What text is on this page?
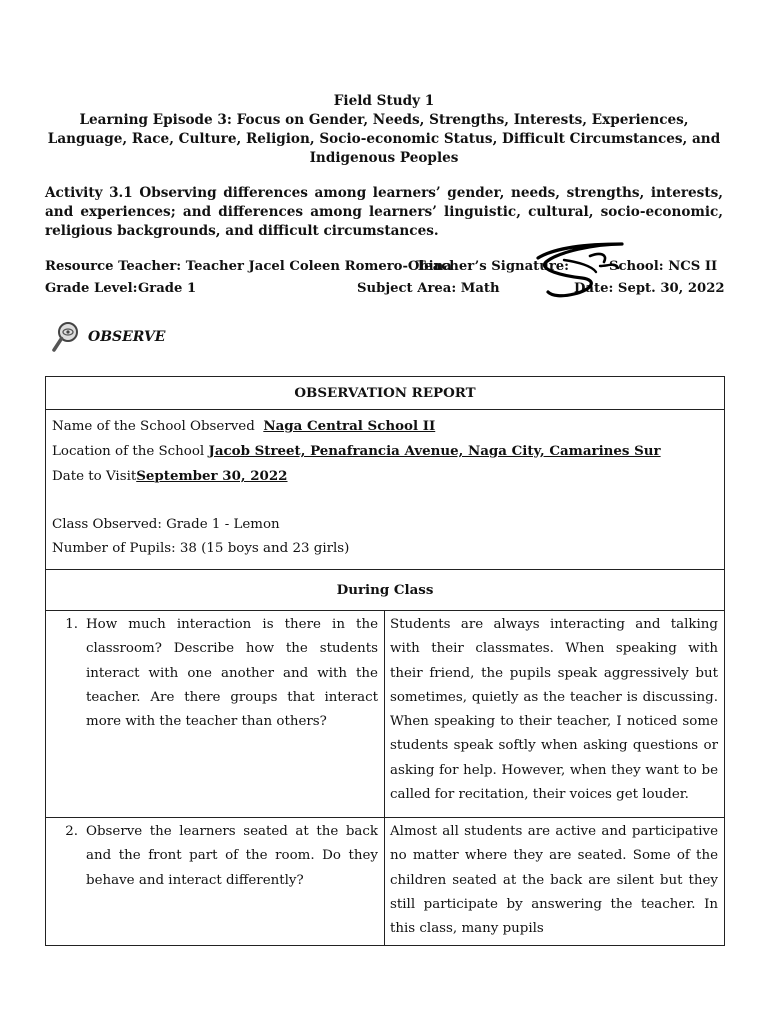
Field Study 1
Learning Episode 3: Focus on Gender, Needs, Strengths, Interests, Experiences, Language, Race, Culture, Religion, Socio-economic Status, Difficult Circumstances, and Indigenous Peoples
Activity 3.1 Observing differences among learners’ gender, needs, strengths, interests, and experiences; and differences among learners’ linguistic, cultural, socio-economic, religious backgrounds, and difficult circumstances.
Resource Teacher: Teacher Jacel Coleen Romero-Obina
Teacher’s Signature:	School: NCS II
Grade Level: Grade 1	Subject Area: Math	Date: Sept. 30, 2022
OBSERVE
OBSERVATION REPORT	

Name of the School Observed Naga Central School II
Location of the School Jacob Street, Penafrancia Avenue, Naga City, Camarines Sur
Date to VisitSeptember 30, 2022
Class Observed: Grade 1 - Lemon
Number of Pupils: 38 (15 boys and 23 girls)	

During Class	

1. How much interaction is there in the classroom? Describe how the students interact with one another and with the teacher. Are there groups that interact more with the teacher than others?	Students are always interacting and talking with their classmates. When speaking with their friend, the pupils speak aggressively but sometimes, quietly as the teacher is discussing. When speaking to their teacher, I noticed some students speak softly when asking questions or asking for help. However, when they want to be called for recitation, their voices get louder.

2. Observe the learners seated at the back and the front part of the room. Do they behave and interact differently?	Almost all students are active and participative no matter where they are seated. Some of the children seated at the back are silent but they still participate by answering the teacher. In this class, many pupils
